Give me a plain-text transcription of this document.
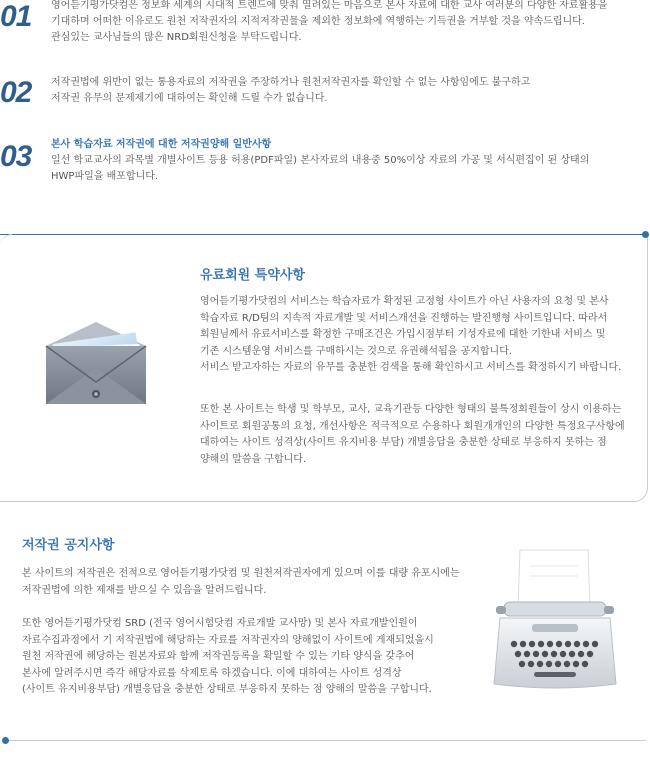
01 영어듣기평가닷컴은 정보화 세계의 시대적 트렌드에 맞춰 열려있는 마음으로 본사 자료에 대한 교사 여러분의 다양한 자료활용을
기대하며 어떠한 이유로도 원천 저작권자의 지적저작권물을 제외한 정보화에 역행하는 기득권을 거부할 것을 약속드립니다.
관심있는 교사님들의 많은 NRD회원신청을 부탁드립니다.
02 저작권법에 위반이 없는 통용자료의 저작권을 주장하거나 원천저작권자를 확인할 수 없는 사항임에도 불구하고
저작권 유무의 문제제기에 대하여는 확인해 드릴 수가 없습니다.
03 본사 학습자료 저작권에 대한 저작권양해 일반사항
일선 학교교사의 과목별 개별사이트 등용 허용(PDF파일) 본사자료의 내용중 50%이상 자료의 가공 및 서식편집이 된 상태의
HWP파일을 배포합니다.
유료회원 특약사항
영어듣기평가닷컴의 서비스는 학습자료가 확정된 고정형 사이트가 아닌 사용자의 요청 및 본사
학습자료 R/D팀의 지속적 자료개발 및 서비스개선을 진행하는 발진행형 사이트입니다. 따라서
회원님께서 유료서비스를 확정한 구매조건은 가입시점부터 기성자료에 대한 기한내 서비스 및
기존 시스템운영 서비스를 구매하시는 것으로 유권해석됨을 공지합니다.
서비스 받고자하는 자료의 유무를 충분한 검색을 통해 확인하시고 서비스를 확정하시기 바랍니다.
또한 본 사이트는 학생 및 학부모, 교사, 교육기관등 다양한 형태의 불특정회원들이 상시 이용하는
사이트로 회원공통의 요청, 개선사항은 적극적으로 수용하나 회원개개인의 다양한 특정요구사항에
대하여는 사이트 성격상(사이트 유지비용 부담) 개별응답을 충분한 상태로 부응하지 못하는 점
양해의 말씀을 구합니다.
저작권 공지사항
본 사이트의 저작권은 전적으로 영어듣기평가닷컴 및 원천저작권자에게 있으며 이를 대량 유포시에는
저작권법에 의한 제재를 받으실 수 있음을 알려드립니다.
또한 영어듣기평가닷컴 SRD (전국 영어시험닷컴 자료개발 교사망) 및 본사 자료개발인원이
자료수집과정에서 기 저작권법에 해당하는 자료를 저작권자의 양해없이 사이트에 게재되었을시
원천 저작권에 해당하는 원본자료와 함께 저작권등록을 확일할 수 있는 기타 양식을 갖추어
본사에 알려주시면 즉각 해당자료를 삭제토록 하겠습니다. 이에 대하여는 사이트 성격상
(사이트 유지비용부담) 개별응답을 충분한 상태로 부응하지 못하는 점 양해의 말씀을 구합니다.
